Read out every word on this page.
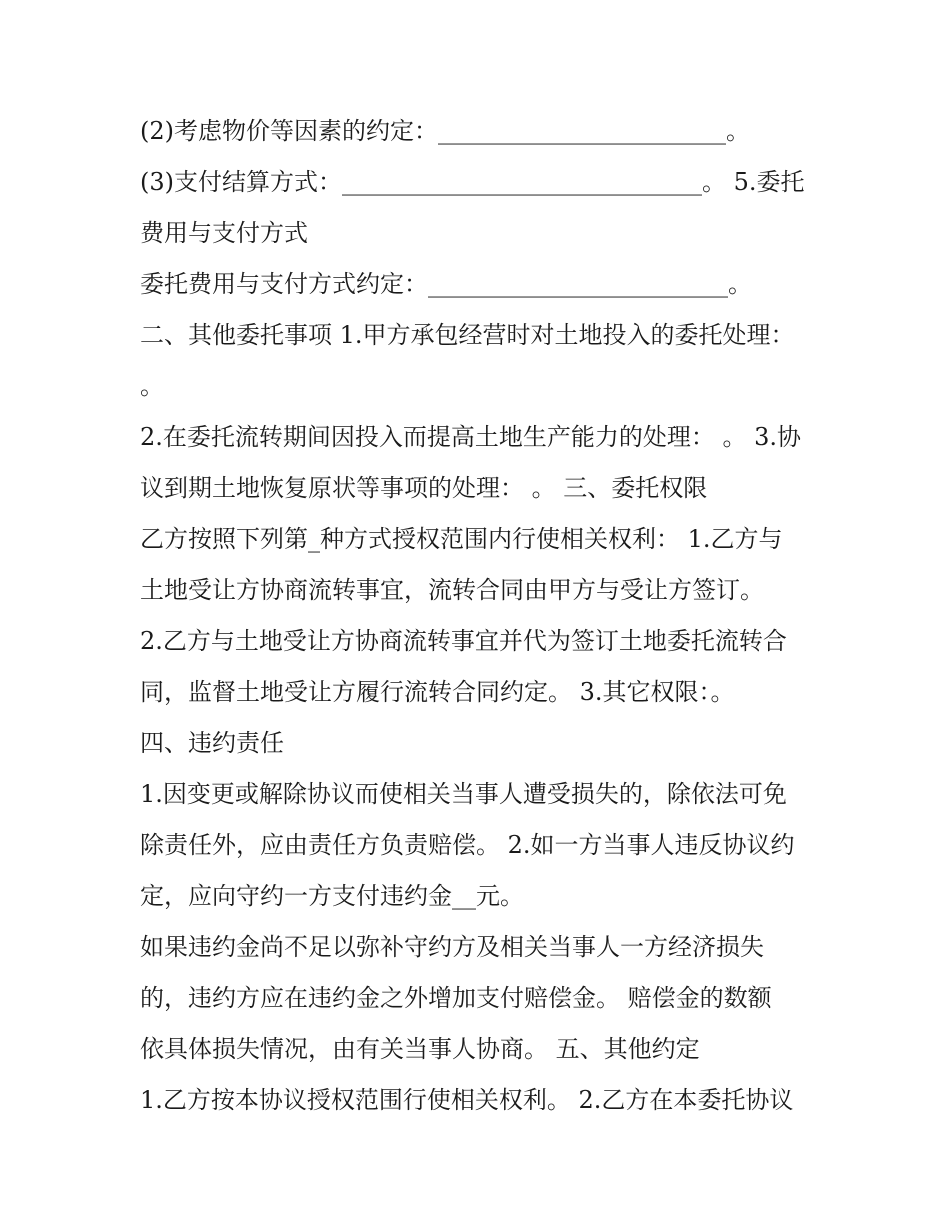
(2)考虑物价等因素的约定：________________________。
(3)支付结算方式：______________________________。 5.委托
费用与支付方式
委托费用与支付方式约定：_________________________。
二、其他委托事项 1.甲方承包经营时对土地投入的委托处理：
。
2.在委托流转期间因投入而提高土地生产能力的处理： 。 3.协
议到期土地恢复原状等事项的处理： 。 三、委托权限
乙方按照下列第_种方式授权范围内行使相关权利： 1.乙方与
土地受让方协商流转事宜，流转合同由甲方与受让方签订。
2.乙方与土地受让方协商流转事宜并代为签订土地委托流转合
同，监督土地受让方履行流转合同约定。 3.其它权限：。
四、违约责任
1.因变更或解除协议而使相关当事人遭受损失的，除依法可免
除责任外，应由责任方负责赔偿。 2.如一方当事人违反协议约
定，应向守约一方支付违约金__元。
如果违约金尚不足以弥补守约方及相关当事人一方经济损失
的，违约方应在违约金之外增加支付赔偿金。 赔偿金的数额
依具体损失情况，由有关当事人协商。 五、其他约定
1.乙方按本协议授权范围行使相关权利。 2.乙方在本委托协议
